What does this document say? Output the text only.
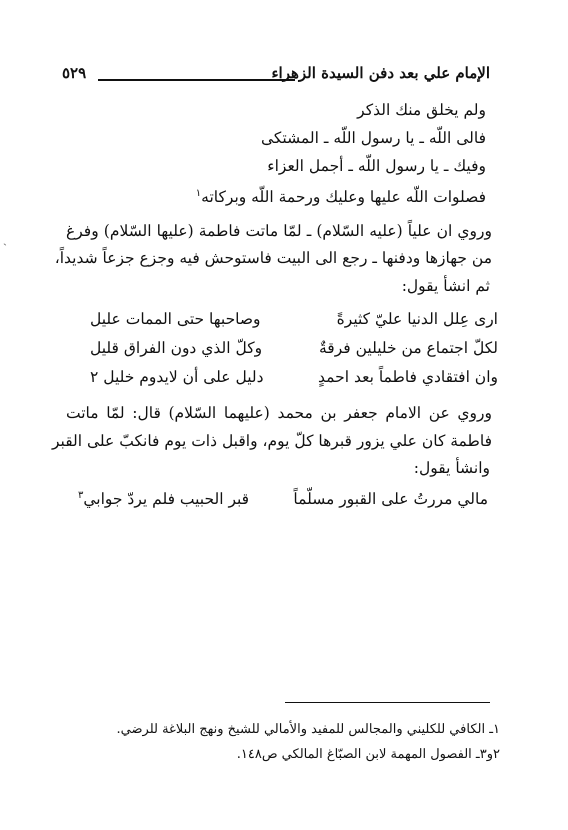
الإمام علي بعد دفن السيدة الزهراء
٥٢٩
ولم يخلق منك الذكر
فالى اللّه ـ يا رسول اللّه ـ المشتكى
وفيك ـ يا رسول اللّه ـ أجمل العزاء
فصلوات اللّه عليها وعليك ورحمة اللّه وبركاته$^١$
وروي ان علياً (عليه السّلام) ـ لمّا ماتت فاطمة (عليها السّلام) وفرغ
من جهازها ودفنها ـ رجع الى البيت فاستوحش فيه وجزع جزعاً شديداً،
ثم انشأ يقول:
ارى عِلل الدنيا عليّ كثيرةً
وصاحبها حتى الممات عليل
لكلّ اجتماع من خليلين فرقةٌ
وكلّ الذي دون الفراق قليل
وان افتقادي فاطماً بعد احمدٍ
دليل على أن لايدوم خليل ٢
وروي عن الامام جعفر بن محمد (عليهما السّلام) قال: لمّا ماتت
فاطمة كان علي يزور قبرها كلّ يوم، واقبل ذات يوم فانكبّ على القبر
وانشأ يقول:
مالي مررتُ على القبور مسلّماً
قبر الحبيب فلم يردّ جوابي$^٣$
١ـ الكافي للكليني والمجالس للمفيد والأمالي للشيخ ونهج البلاغة للرضي.
٢و٣ـ الفصول المهمة لابن الصبّاغ المالكي ص١٤٨.
ˎ
